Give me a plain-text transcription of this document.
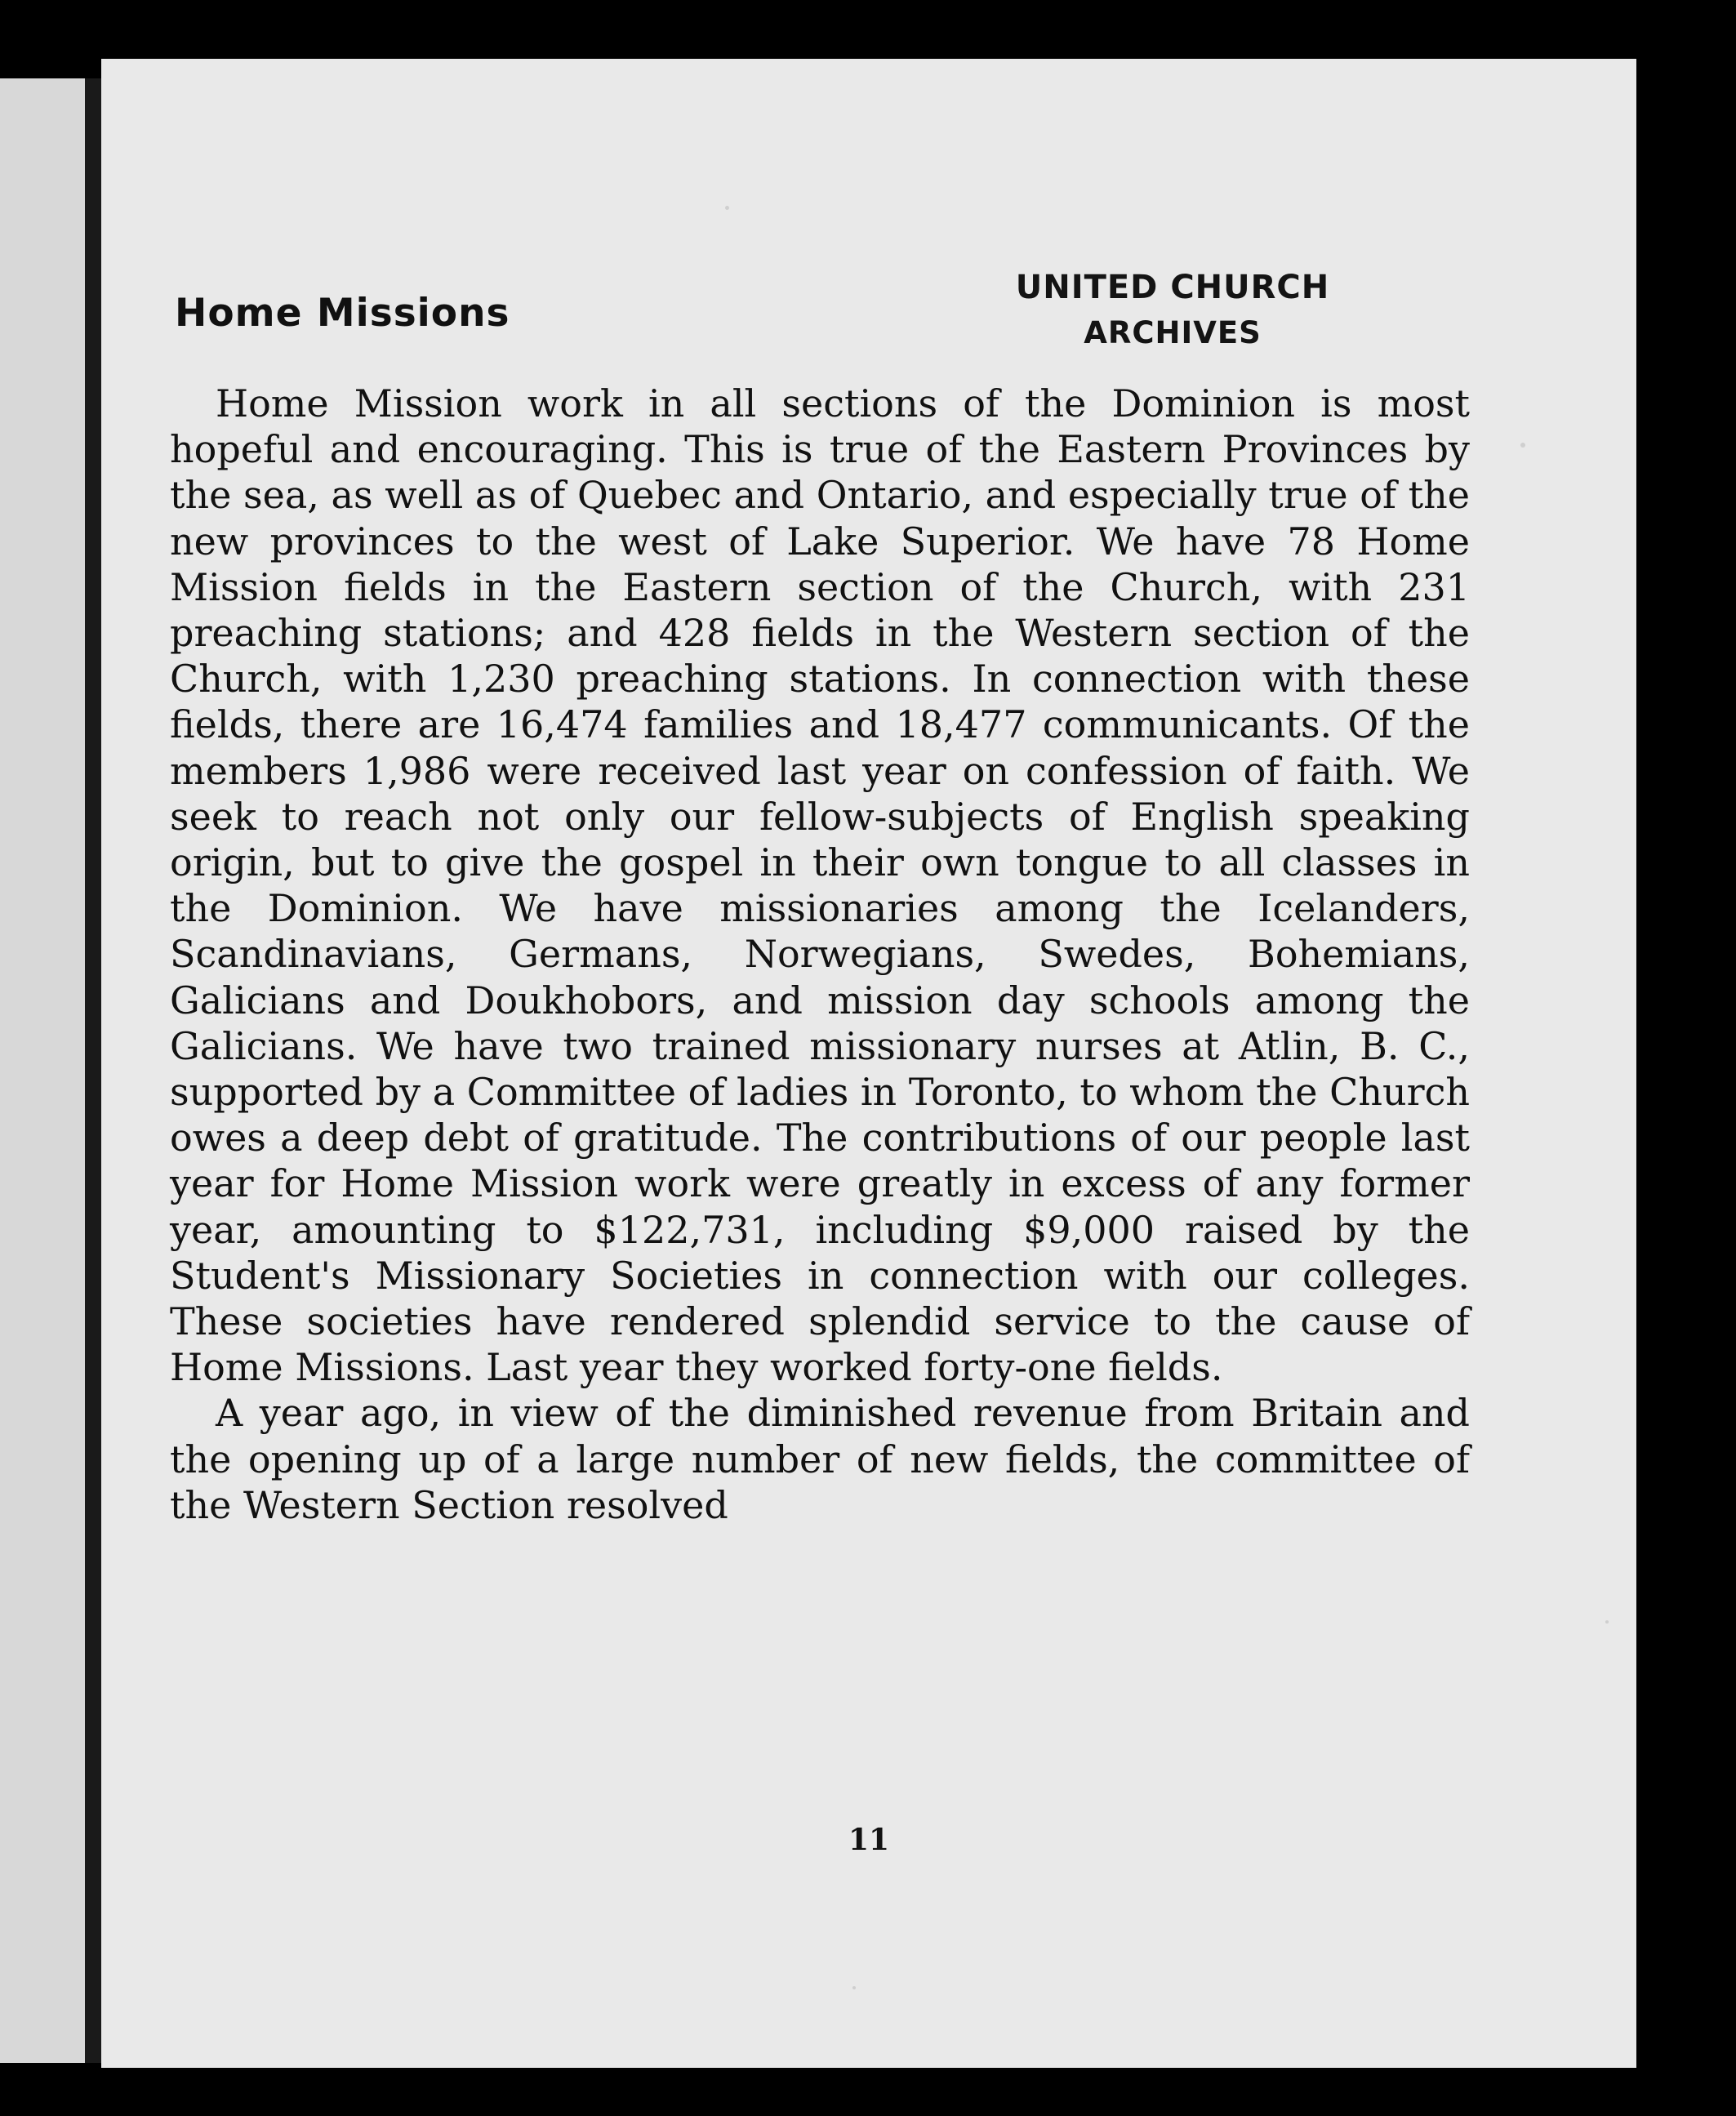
UNITED CHURCH
ARCHIVES
Home Missions

Home Mission work in all sections of the Dominion is most hopeful and encouraging. This is true of the Eastern Provinces by the sea, as well as of Quebec and Ontario, and especially true of the new provinces to the west of Lake Superior. We have 78 Home Mission fields in the Eastern section of the Church, with 231 preaching stations; and 428 fields in the Western section of the Church, with 1,230 preaching stations. In connection with these fields, there are 16,474 families and 18,477 communicants. Of the members 1,986 were received last year on confession of faith. We seek to reach not only our fellow-subjects of English speaking origin, but to give the gospel in their own tongue to all classes in the Dominion. We have missionaries among the Icelanders, Scandinavians, Germans, Norwegians, Swedes, Bohemians, Galicians and Doukhobors, and mission day schools among the Galicians. We have two trained missionary nurses at Atlin, B. C., supported by a Committee of ladies in Toronto, to whom the Church owes a deep debt of gratitude. The contributions of our people last year for Home Mission work were greatly in excess of any former year, amounting to $122,731, including $9,000 raised by the Student's Missionary Societies in connection with our colleges. These societies have rendered splendid service to the cause of Home Missions. Last year they worked forty-one fields.

A year ago, in view of the diminished revenue from Britain and the opening up of a large number of new fields, the committee of the Western Section resolved

11
